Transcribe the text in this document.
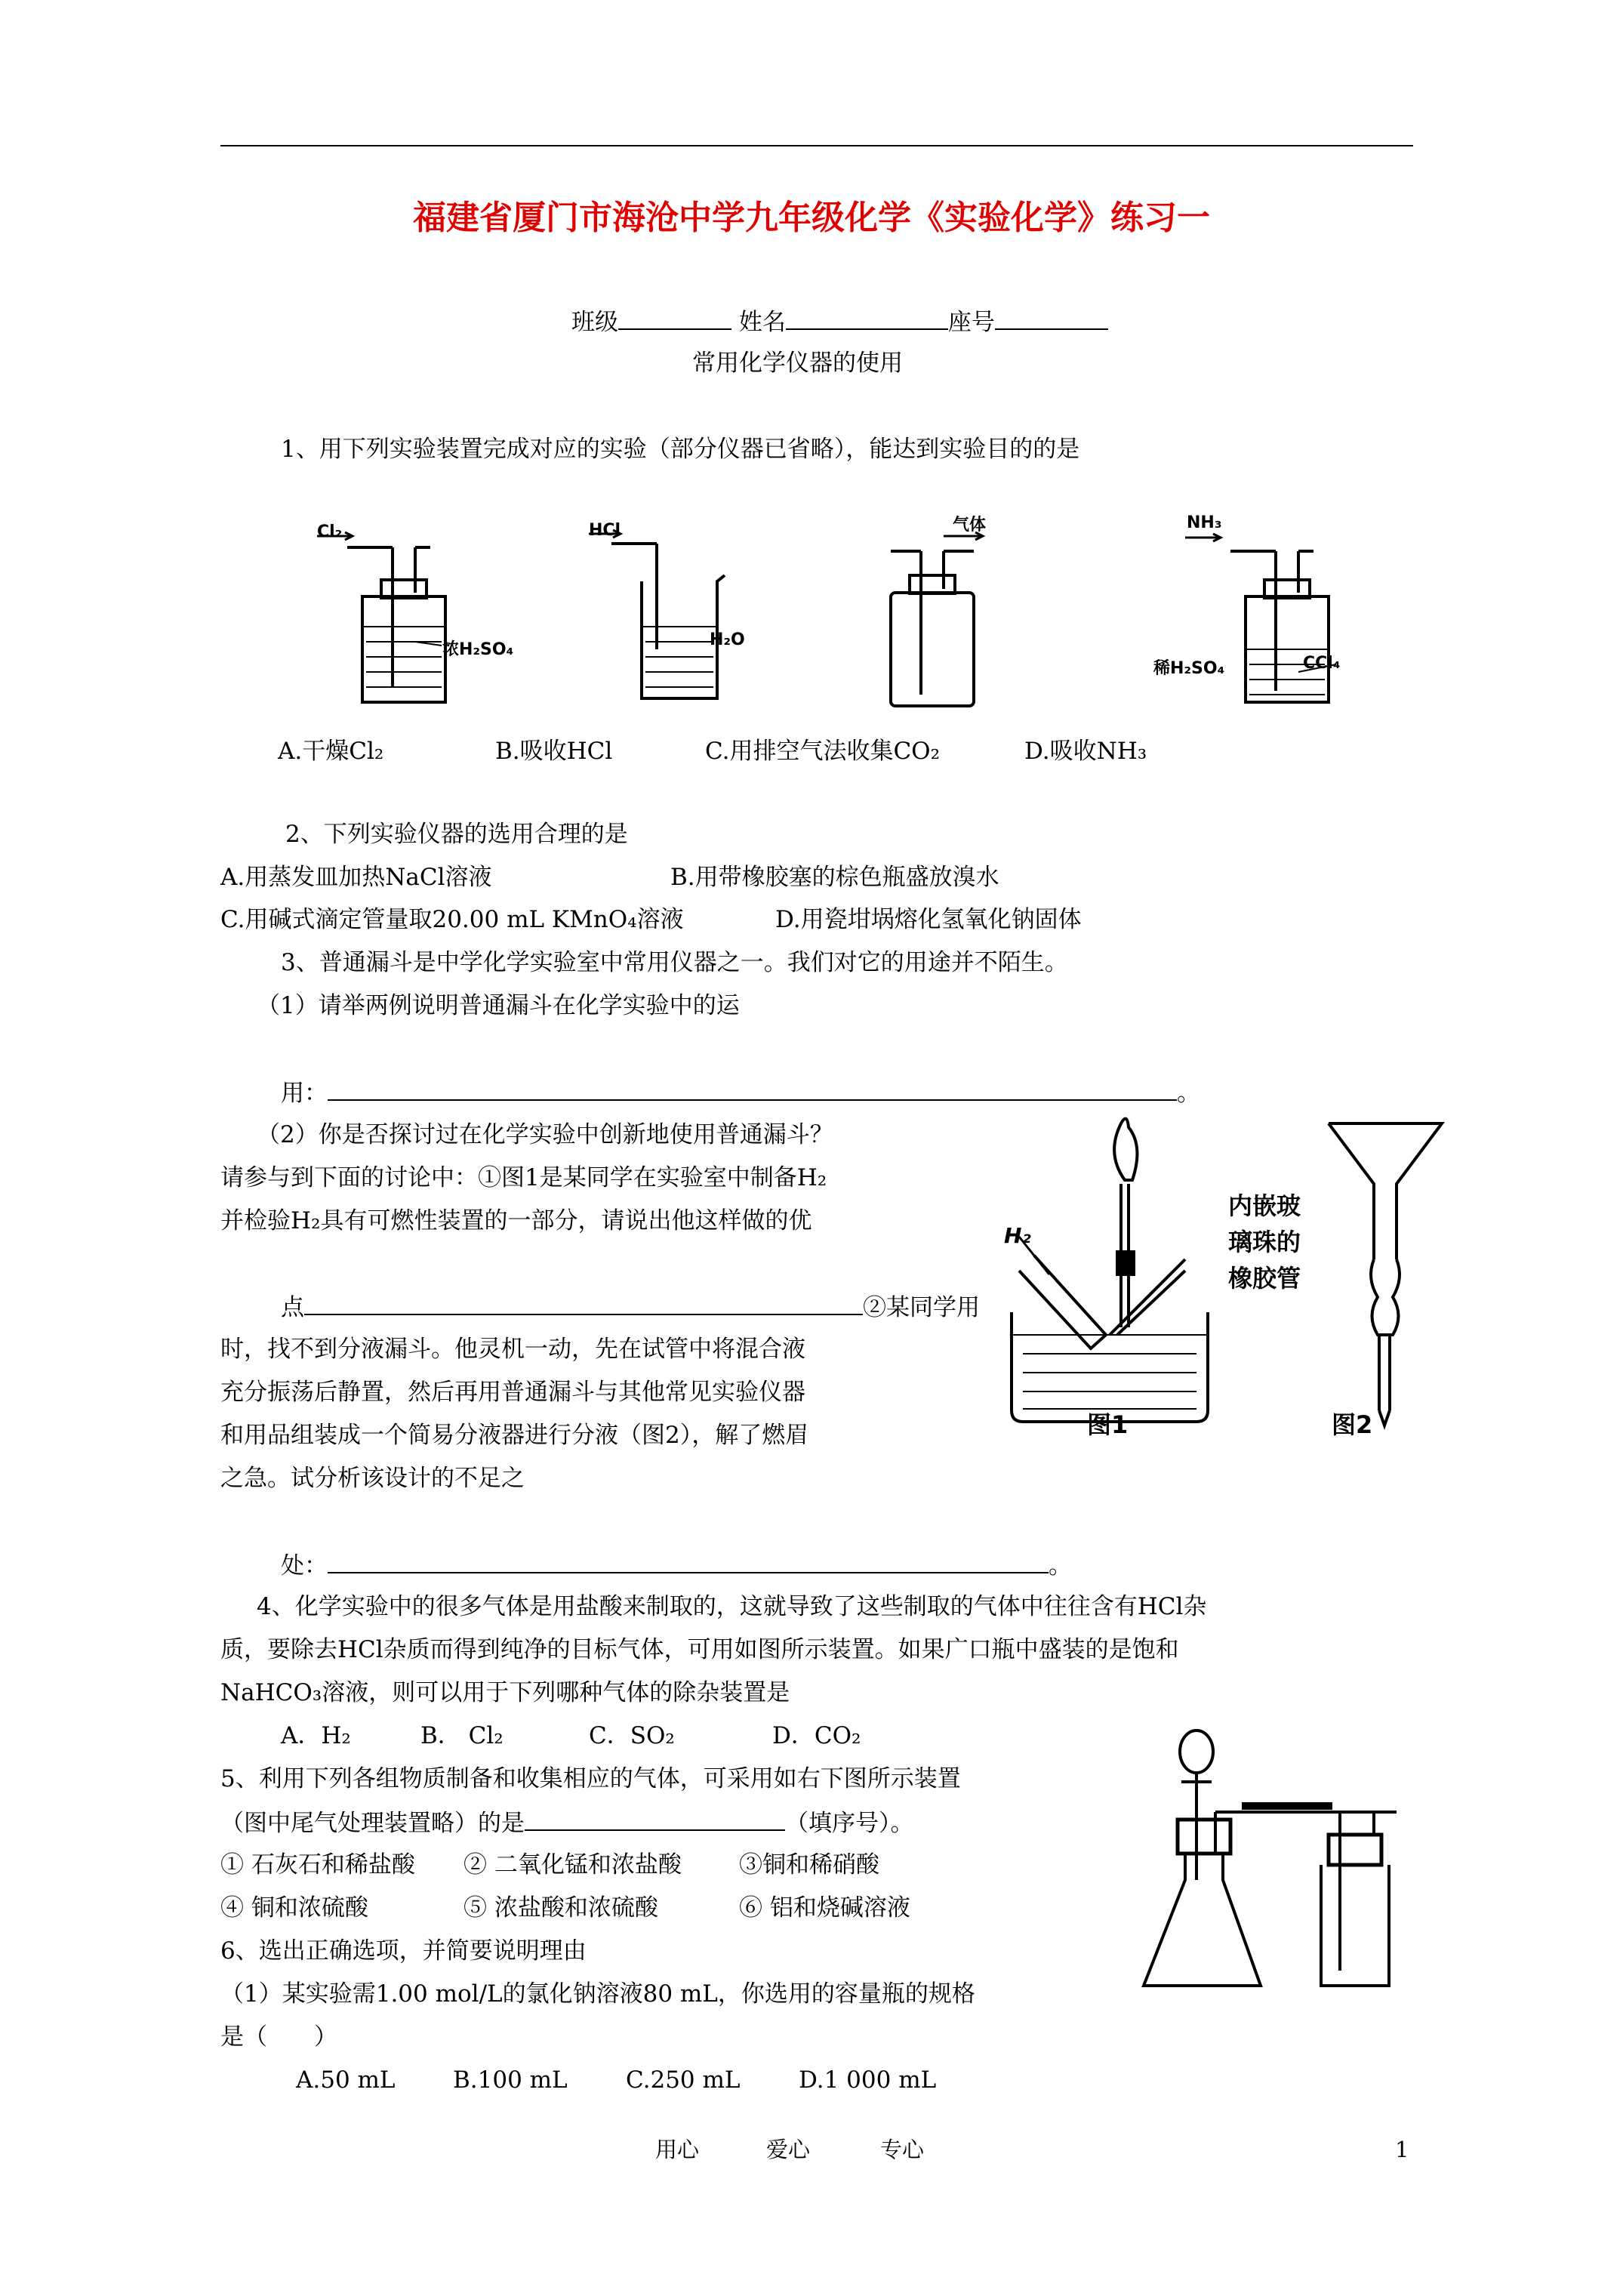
福建省厦门市海沧中学九年级化学《实验化学》练习一
班级	姓名	座号
常用化学仪器的使用
1、用下列实验装置完成对应的实验（部分仪器已省略），能达到实验目的的是
Cl₂
浓H₂SO₄
HCl
H₂O
气体	NH₃
稀H₂SO₄	CCl₄
A.干燥Cl₂	B.吸收HCl	C.用排空气法收集CO₂	D.吸收NH₃
2、下列实验仪器的选用合理的是
A.用蒸发皿加热NaCl溶液	B.用带橡胶塞的棕色瓶盛放溴水
C.用碱式滴定管量取20.00 mL KMnO₄溶液	D.用瓷坩埚熔化氢氧化钠固体
3、普通漏斗是中学化学实验室中常用仪器之一。我们对它的用途并不陌生。
（1）请举两例说明普通漏斗在化学实验中的运
用：	。
（2）你是否探讨过在化学实验中创新地使用普通漏斗？
请参与到下面的讨论中：①图1是某同学在实验室中制备H₂
并检验H₂具有可燃性装置的一部分，请说出他这样做的优
点	②某同学用
时，找不到分液漏斗。他灵机一动，先在试管中将混合液
充分振荡后静置，然后再用普通漏斗与其他常见实验仪器
和用品组装成一个简易分液器进行分液（图2），解了燃眉
之急。试分析该设计的不足之
处：	。
H₂
图1	图2
内嵌玻
璃珠的
橡胶管
4、化学实验中的很多气体是用盐酸来制取的，这就导致了这些制取的气体中往往含有HCl杂
质，要除去HCl杂质而得到纯净的目标气体，可用如图所示装置。如果广口瓶中盛装的是饱和
NaHCO₃溶液，则可以用于下列哪种气体的除杂装置是
A．H₂	B． Cl₂	C．SO₂	D．CO₂
5、利用下列各组物质制备和收集相应的气体，可采用如右下图所示装置
（图中尾气处理装置略）的是	（填序号）。
① 石灰石和稀盐酸 ② 二氧化锰和浓盐酸 ③铜和稀硝酸
④ 铜和浓硫酸	⑤ 浓盐酸和浓硫酸	⑥ 铝和烧碱溶液
6、选出正确选项，并简要说明理由
（1）某实验需1.00 mol/L的氯化钠溶液80 mL，你选用的容量瓶的规格
是（　　）
A.50 mL B.100 mL C.250 mL	D.1 000 mL
用心	爱心	专心	1
